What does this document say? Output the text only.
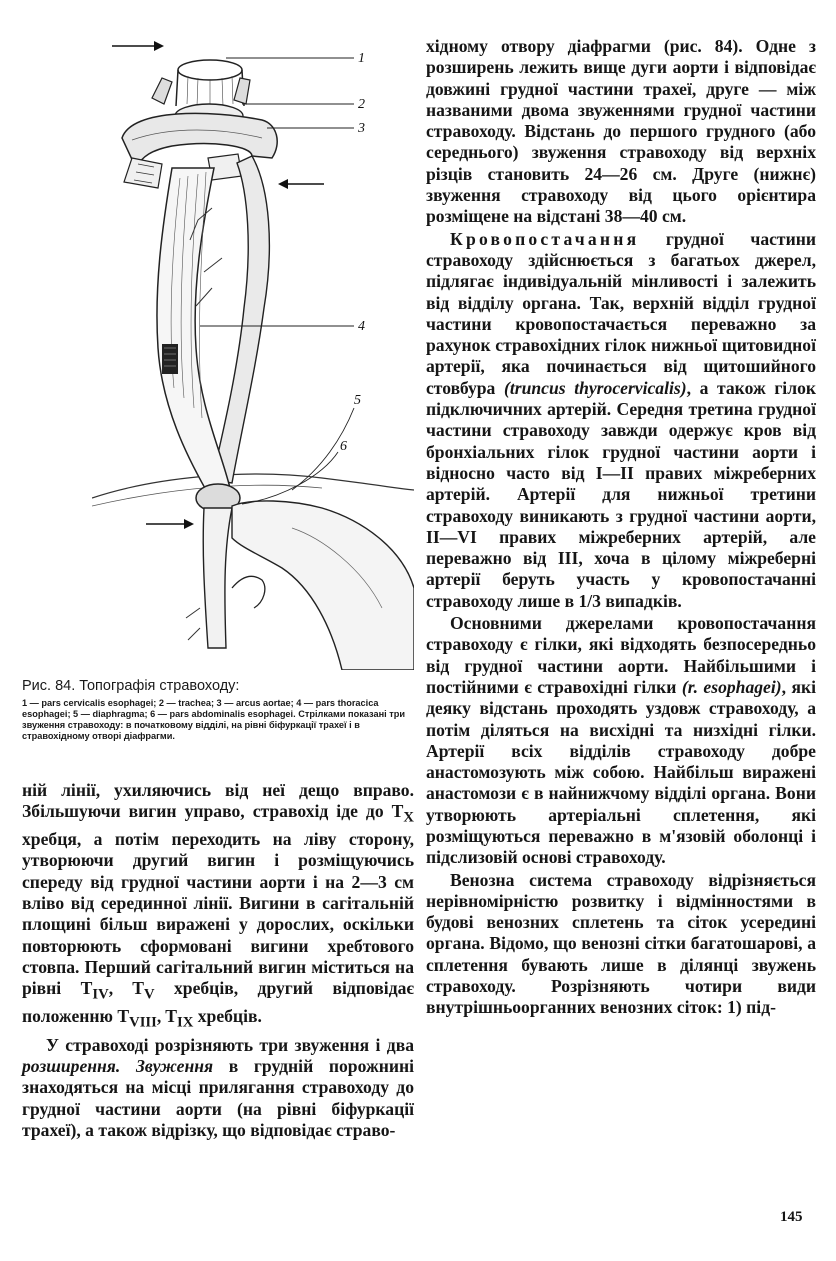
1
2
3
4
5
6

Рис. 84. Топографія стравоходу:

1 — pars cervicalis esophagei; 2 — trachea; 3 — arcus aortae; 4 — pars thoracica esophagei; 5 — diaphragma; 6 — pars abdominalis esophagei. Стрілками показані три звуження стравоходу: в початковому відділі, на рівні біфуркації трахеї і в стравохідному отворі діафрагми.

ній лінії, ухиляючись від неї дещо вправо. Збільшуючи вигин управо, стравохід іде до $T_X$ хребця, а потім переходить на ліву сторону, утворюючи другий вигин і розміщуючись спереду від грудної частини аорти і на 2—3 см вліво від серединної лінії. Вигини в сагітальній площині більш виражені у дорослих, оскільки повторюють сформовані вигини хребтового стовпа. Перший сагітальний вигин міститься на рівні $T_{IV}$, $T_V$ хребців, другий відповідає положенню $T_{VIII}$, $T_{IX}$ хребців.

У стравоході розрізняють три звуження і два розширення. Звуження в грудній порожнині знаходяться на місці прилягання стравоходу до грудної частини аорти (на рівні біфуркації трахеї), а також відрізку, що відповідає страво-

хідному отвору діафрагми (рис. 84). Одне з розширень лежить вище дуги аорти і відповідає довжині грудної частини трахеї, друге — між названими двома звуженнями грудної частини стравоходу. Відстань до першого грудного (або середнього) звуження стравоходу від верхніх різців становить 24—26 см. Друге (нижнє) звуження стравоходу від цього орієнтира розміщене на відстані 38—40 см.

Кровопостачання грудної частини стравоходу здійснюється з багатьох джерел, підлягає індивідуальній мінливості і залежить від відділу органа. Так, верхній відділ грудної частини кровопостачається переважно за рахунок стравохідних гілок нижньої щитовидної артерії, яка починається від щитошийного стовбура (truncus thyrocervicalis), а також гілок підключичних артерій. Середня третина грудної частини стравоходу завжди одержує кров від бронхіальних гілок грудної частини аорти і відносно часто від I—II правих міжреберних артерій. Артерії для нижньої третини стравоходу виникають з грудної частини аорти, II—VI правих міжреберних артерій, але переважно від III, хоча в цілому міжреберні артерії беруть участь у кровопостачанні стравоходу лише в 1/3 випадків.

Основними джерелами кровопостачання стравоходу є гілки, які відходять безпосередньо від грудної частини аорти. Найбільшими і постійними є стравохідні гілки (r. esophagei), які деяку відстань проходять уздовж стравоходу, а потім діляться на висхідні та низхідні гілки. Артерії всіх відділів стравоходу добре анастомозують між собою. Найбільш виражені анастомози є в найнижчому відділі органа. Вони утворюють артеріальні сплетення, які розміщуються переважно в м'язовій оболонці і підслизовій основі стравоходу.

Венозна система стравоходу відрізняється нерівномірністю розвитку і відмінностями в будові венозних сплетень та сіток усередині органа. Відомо, що венозні сітки багатошарові, а сплетення бувають лише в ділянці звужень стравоходу. Розрізняють чотири види внутрішньоорганних венозних сіток: 1) під-

145
